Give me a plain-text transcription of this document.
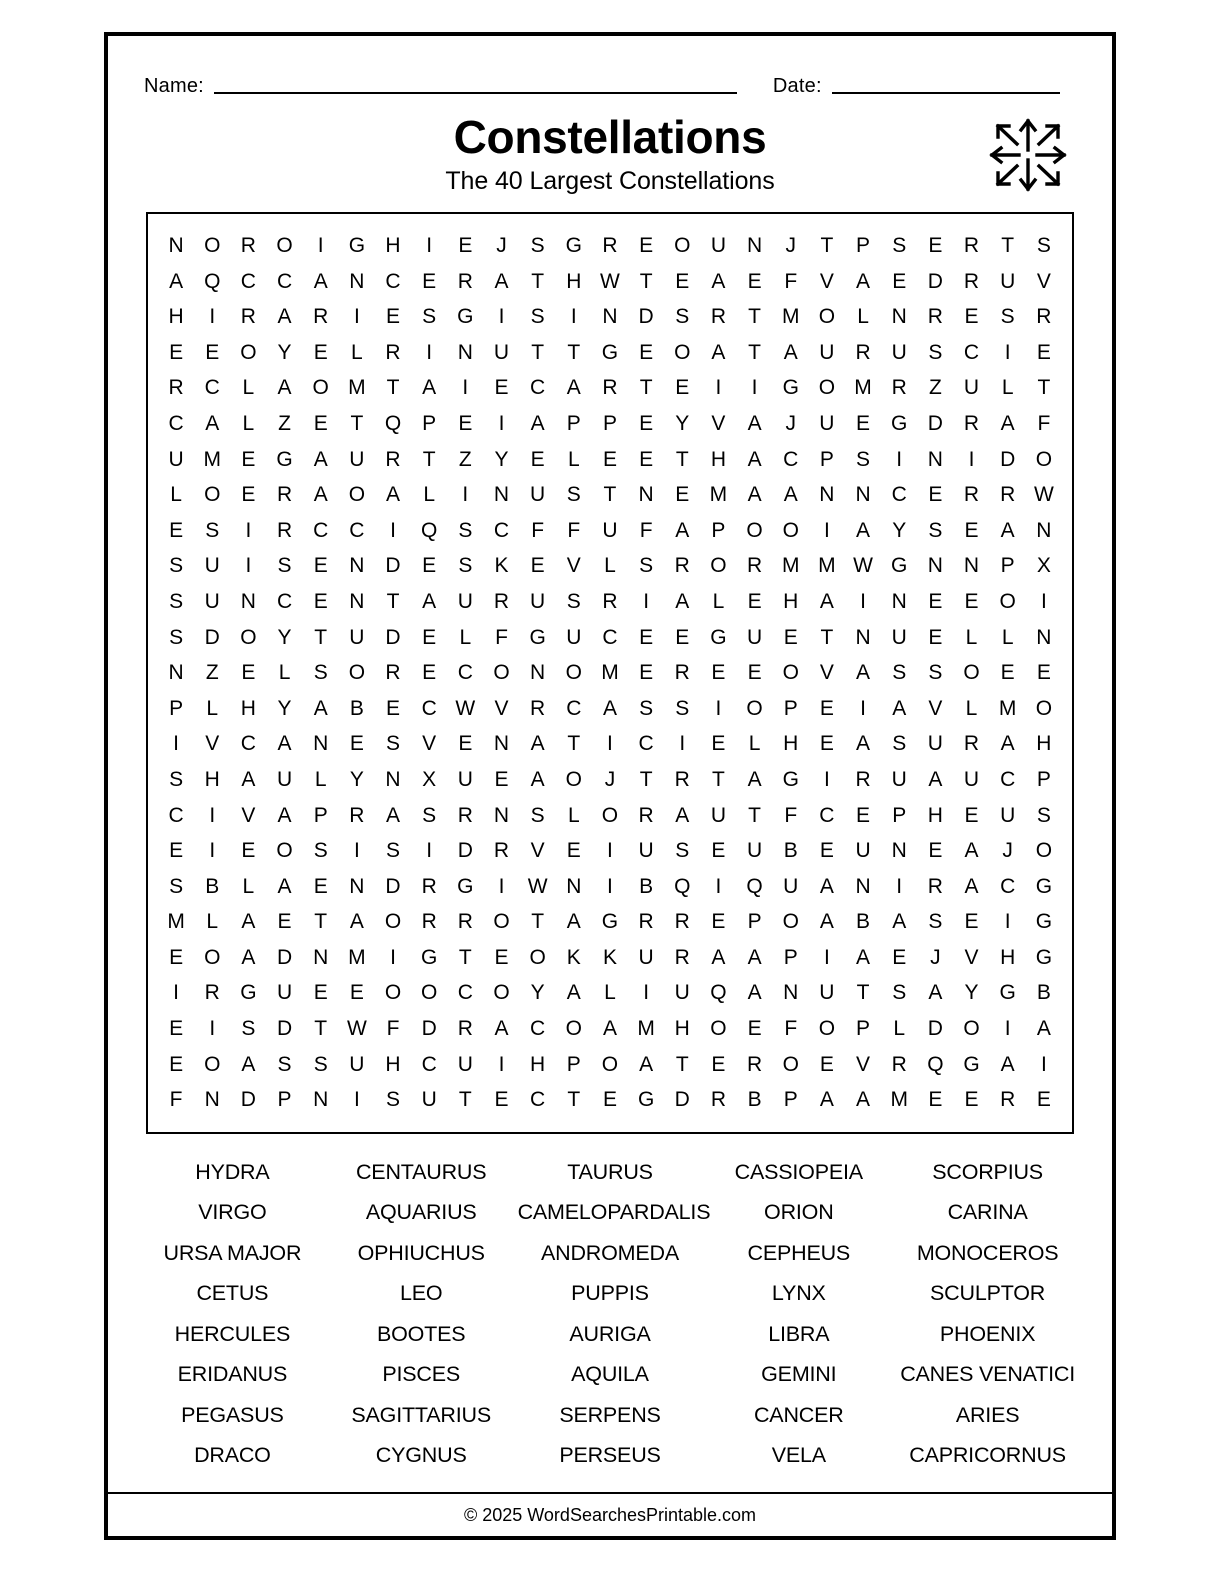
Name:	Date:
Constellations
The 40 Largest Constellations
N	O	R	O	I	G	H	I	E	J	S	G	R	E	O	U	N	J	T	P	S	E	R	T	S
A	Q	C	C	A	N	C	E	R	A	T	H	W	T	E	A	E	F	V	A	E	D	R	U	V
H	I	R	A	R	I	E	S	G	I	S	I	N	D	S	R	T	M	O	L	N	R	E	S	R
E	E	O	Y	E	L	R	I	N	U	T	T	G	E	O	A	T	A	U	R	U	S	C	I	E
R	C	L	A	O	M	T	A	I	E	C	A	R	T	E	I	I	G	O	M	R	Z	U	L	T
C	A	L	Z	E	T	Q	P	E	I	A	P	P	E	Y	V	A	J	U	E	G	D	R	A	F
U	M	E	G	A	U	R	T	Z	Y	E	L	E	E	T	H	A	C	P	S	I	N	I	D	O
L	O	E	R	A	O	A	L	I	N	U	S	T	N	E	M	A	A	N	N	C	E	R	R	W
E	S	I	R	C	C	I	Q	S	C	F	F	U	F	A	P	O	O	I	A	Y	S	E	A	N
S	U	I	S	E	N	D	E	S	K	E	V	L	S	R	O	R	M	M	W	G	N	N	P	X
S	U	N	C	E	N	T	A	U	R	U	S	R	I	A	L	E	H	A	I	N	E	E	O	I
S	D	O	Y	T	U	D	E	L	F	G	U	C	E	E	G	U	E	T	N	U	E	L	L	N
N	Z	E	L	S	O	R	E	C	O	N	O	M	E	R	E	E	O	V	A	S	S	O	E	E
P	L	H	Y	A	B	E	C	W	V	R	C	A	S	S	I	O	P	E	I	A	V	L	M	O
I	V	C	A	N	E	S	V	E	N	A	T	I	C	I	E	L	H	E	A	S	U	R	A	H
S	H	A	U	L	Y	N	X	U	E	A	O	J	T	R	T	A	G	I	R	U	A	U	C	P
C	I	V	A	P	R	A	S	R	N	S	L	O	R	A	U	T	F	C	E	P	H	E	U	S
E	I	E	O	S	I	S	I	D	R	V	E	I	U	S	E	U	B	E	U	N	E	A	J	O
S	B	L	A	E	N	D	R	G	I	W	N	I	B	Q	I	Q	U	A	N	I	R	A	C	G
M	L	A	E	T	A	O	R	R	O	T	A	G	R	R	E	P	O	A	B	A	S	E	I	G
E	O	A	D	N	M	I	G	T	E	O	K	K	U	R	A	A	P	I	A	E	J	V	H	G
I	R	G	U	E	E	O	O	C	O	Y	A	L	I	U	Q	A	N	U	T	S	A	Y	G	B
E	I	S	D	T	W	F	D	R	A	C	O	A	M	H	O	E	F	O	P	L	D	O	I	A
E	O	A	S	S	U	H	C	U	I	H	P	O	A	T	E	R	O	E	V	R	Q	G	A	I
F	N	D	P	N	I	S	U	T	E	C	T	E	G	D	R	B	P	A	A	M	E	E	R	E
HYDRA	CENTAURUS	TAURUS	CASSIOPEIA	SCORPIUS
VIRGO	AQUARIUS	CAMELOPARDALIS	ORION	CARINA
URSA MAJOR	OPHIUCHUS	ANDROMEDA	CEPHEUS	MONOCEROS
CETUS	LEO	PUPPIS	LYNX	SCULPTOR
HERCULES	BOOTES	AURIGA	LIBRA	PHOENIX
ERIDANUS	PISCES	AQUILA	GEMINI	CANES VENATICI
PEGASUS	SAGITTARIUS	SERPENS	CANCER	ARIES
DRACO	CYGNUS	PERSEUS	VELA	CAPRICORNUS
© 2025 WordSearchesPrintable.com
